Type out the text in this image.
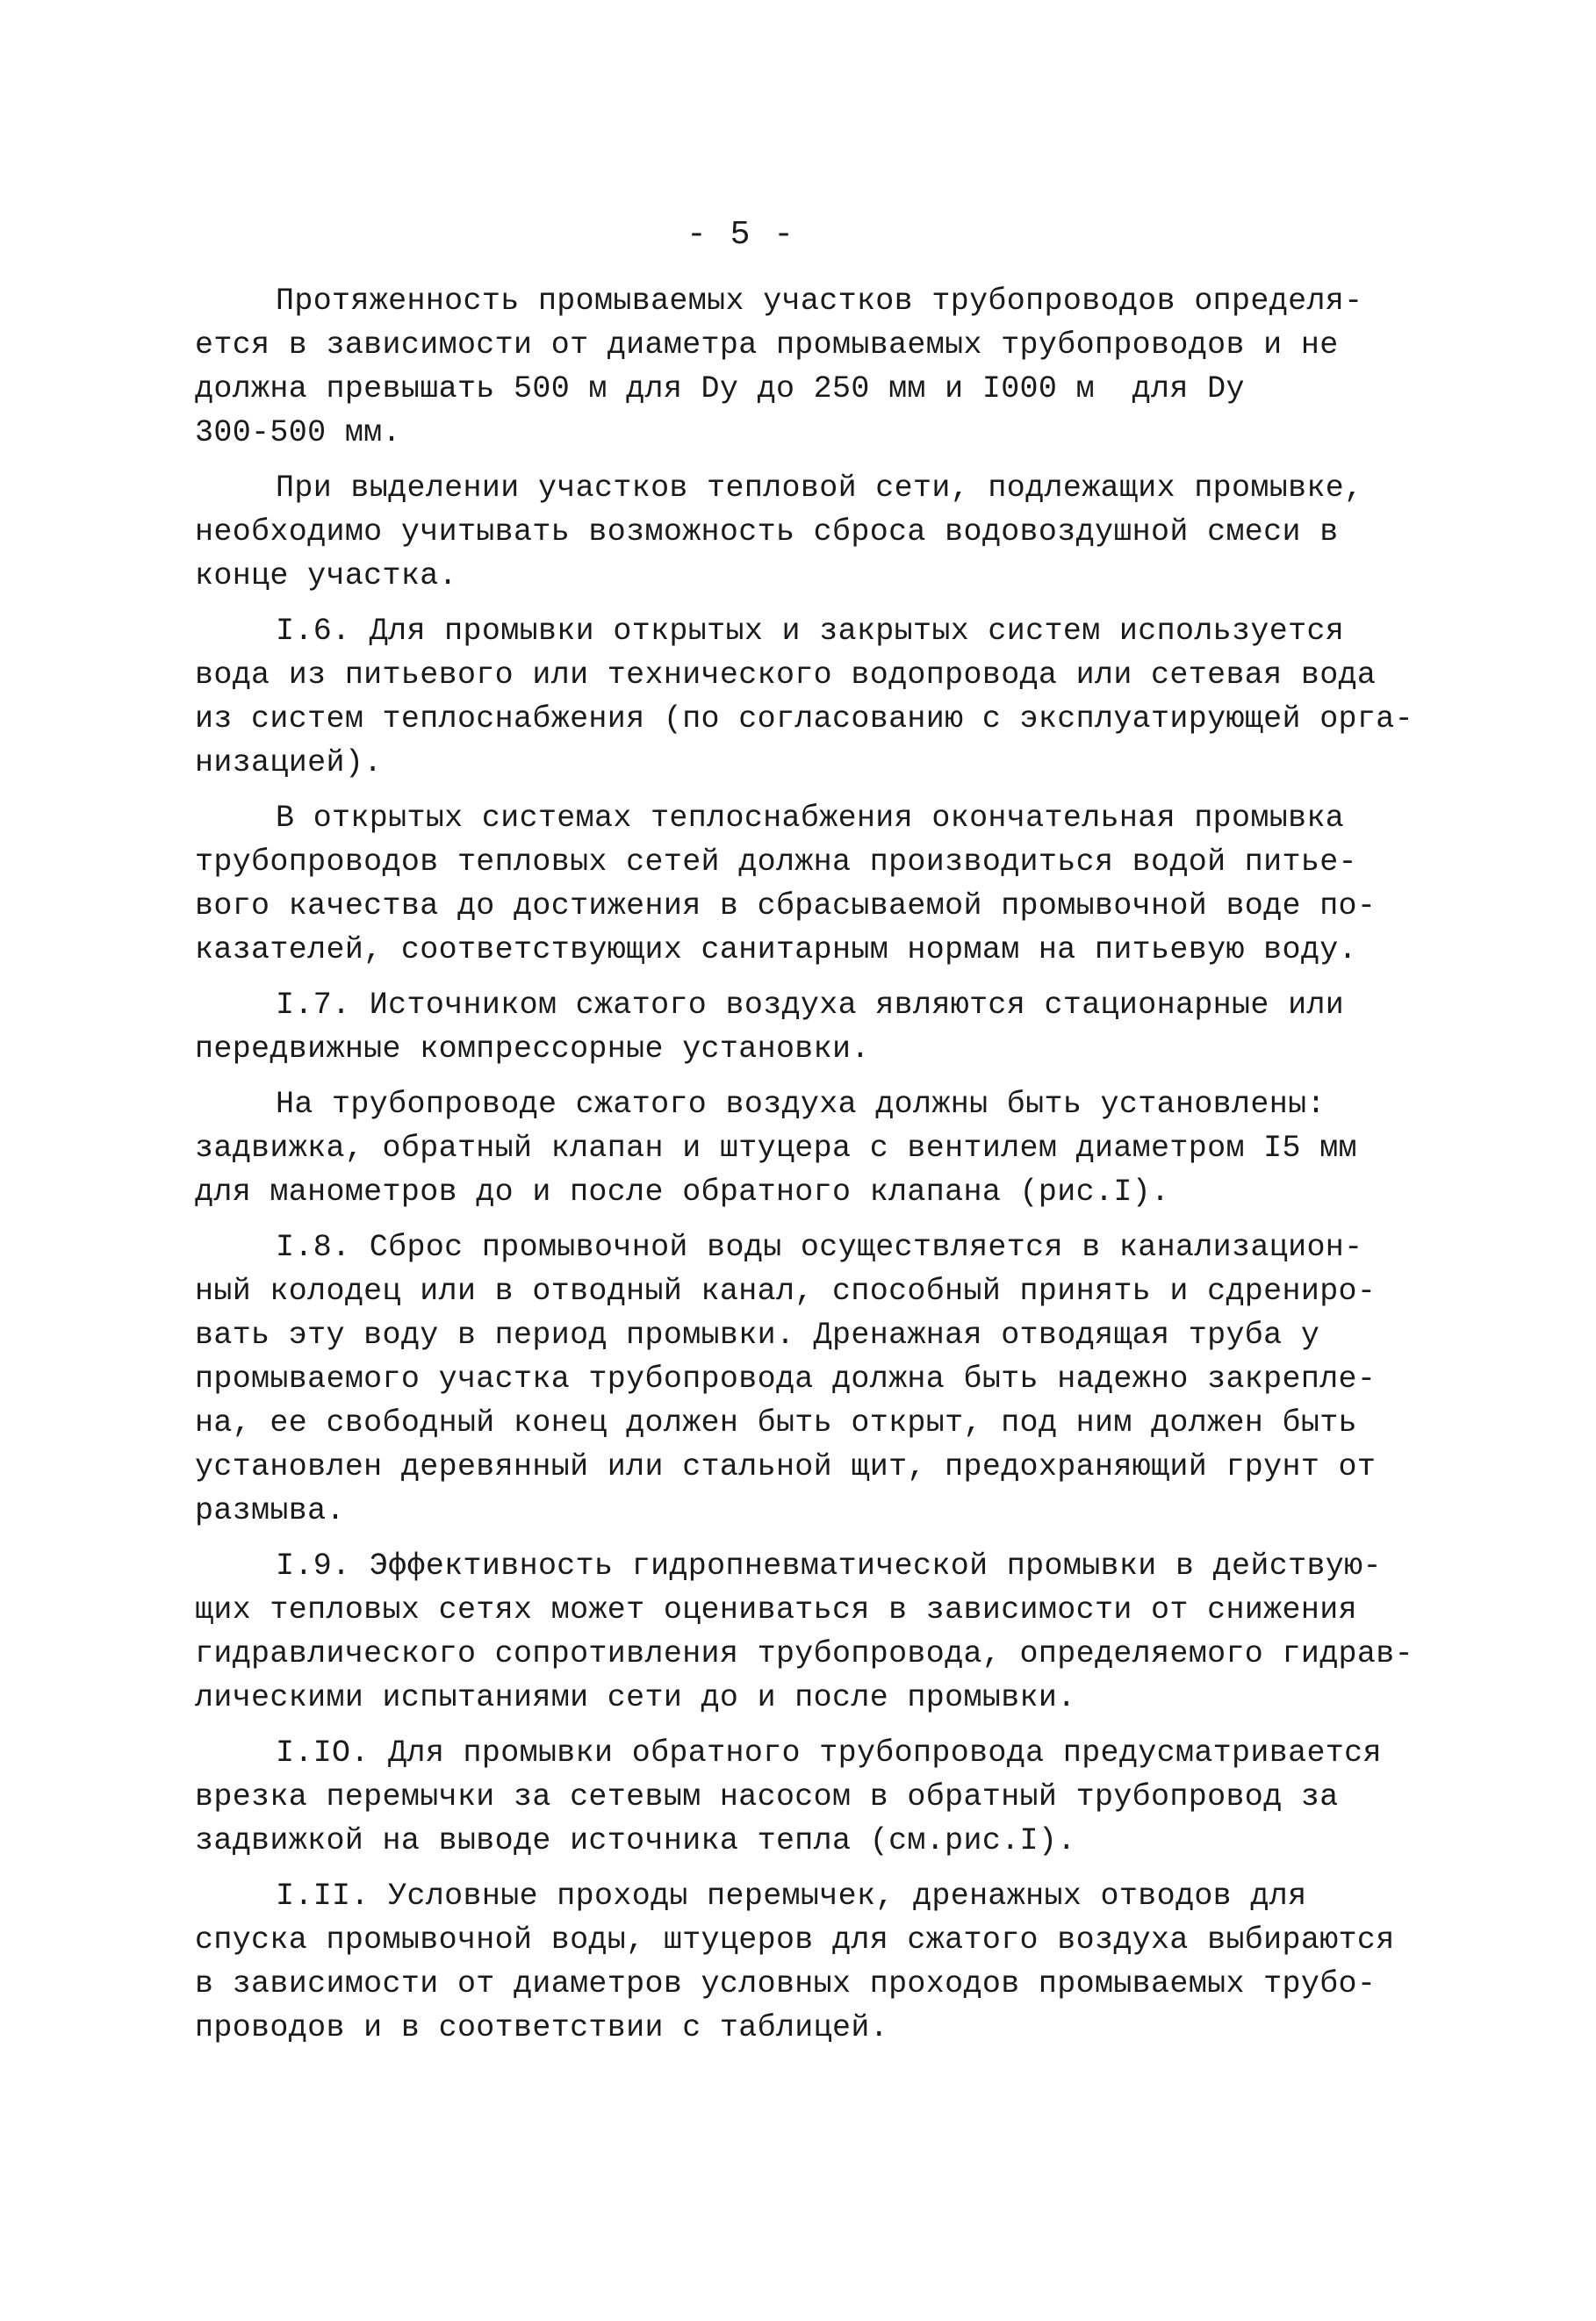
- 5 -
Протяженность промываемых участков трубопроводов определя-
ется в зависимости от диаметра промываемых трубопроводов и не
должна превышать 500 м для Dy до 250 мм и I000 м  для Dy
300-500 мм.
При выделении участков тепловой сети, подлежащих промывке,
необходимо учитывать возможность сброса водовоздушной смеси в
конце участка.
I.6. Для промывки открытых и закрытых систем используется
вода из питьевого или технического водопровода или сетевая вода
из систем теплоснабжения (по согласованию с эксплуатирующей орга-
низацией).
В открытых системах теплоснабжения окончательная промывка
трубопроводов тепловых сетей должна производиться водой питье-
вого качества до достижения в сбрасываемой промывочной воде по-
казателей, соответствующих санитарным нормам на питьевую воду.
I.7. Источником сжатого воздуха являются стационарные или
передвижные компрессорные установки.
На трубопроводе сжатого воздуха должны быть установлены:
задвижка, обратный клапан и штуцера с вентилем диаметром I5 мм
для манометров до и после обратного клапана (рис.I).
I.8. Сброс промывочной воды осуществляется в канализацион-
ный колодец или в отводный канал, способный принять и сдрениро-
вать эту воду в период промывки. Дренажная отводящая труба у
промываемого участка трубопровода должна быть надежно закрепле-
на, ее свободный конец должен быть открыт, под ним должен быть
установлен деревянный или стальной щит, предохраняющий грунт от
размыва.
I.9. Эффективность гидропневматической промывки в действую-
щих тепловых сетях может оцениваться в зависимости от снижения
гидравлического сопротивления трубопровода, определяемого гидрав-
лическими испытаниями сети до и после промывки.
I.IO. Для промывки обратного трубопровода предусматривается
врезка перемычки за сетевым насосом в обратный трубопровод за
задвижкой на выводе источника тепла (см.рис.I).
I.II. Условные проходы перемычек, дренажных отводов для
спуска промывочной воды, штуцеров для сжатого воздуха выбираются
в зависимости от диаметров условных проходов промываемых трубо-
проводов и в соответствии с таблицей.
